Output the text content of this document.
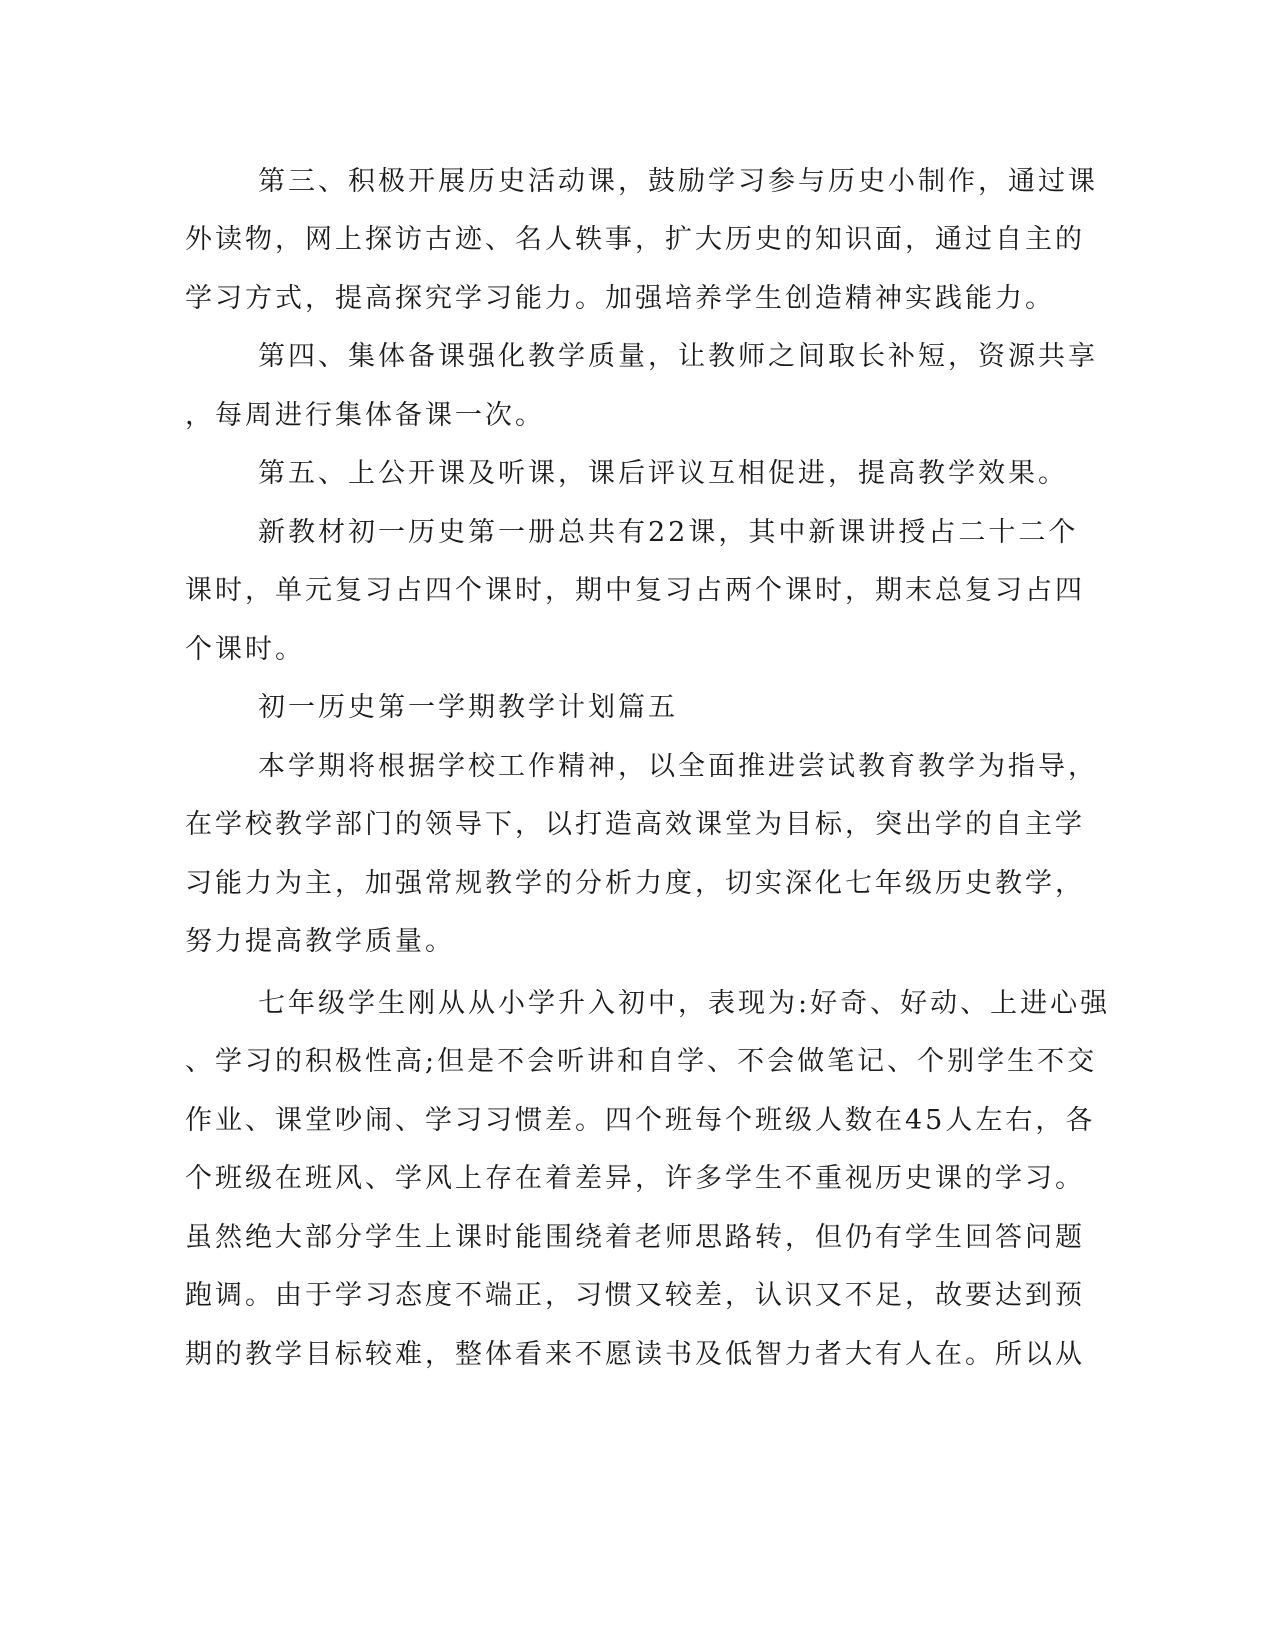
第三、积极开展历史活动课，鼓励学习参与历史小制作，通过课
外读物，网上探访古迹、名人轶事，扩大历史的知识面，通过自主的
学习方式，提高探究学习能力。加强培养学生创造精神实践能力。
第四、集体备课强化教学质量，让教师之间取长补短，资源共享
，每周进行集体备课一次。
第五、上公开课及听课，课后评议互相促进，提高教学效果。
新教材初一历史第一册总共有22课，其中新课讲授占二十二个
课时，单元复习占四个课时，期中复习占两个课时，期末总复习占四
个课时。
初一历史第一学期教学计划篇五
本学期将根据学校工作精神，以全面推进尝试教育教学为指导，
在学校教学部门的领导下，以打造高效课堂为目标，突出学的自主学
习能力为主，加强常规教学的分析力度，切实深化七年级历史教学，
努力提高教学质量。
七年级学生刚从从小学升入初中，表现为:好奇、好动、上进心强
、学习的积极性高;但是不会听讲和自学、不会做笔记、个别学生不交
作业、课堂吵闹、学习习惯差。四个班每个班级人数在45人左右，各
个班级在班风、学风上存在着差异，许多学生不重视历史课的学习。
虽然绝大部分学生上课时能围绕着老师思路转，但仍有学生回答问题
跑调。由于学习态度不端正，习惯又较差，认识又不足，故要达到预
期的教学目标较难，整体看来不愿读书及低智力者大有人在。所以从
